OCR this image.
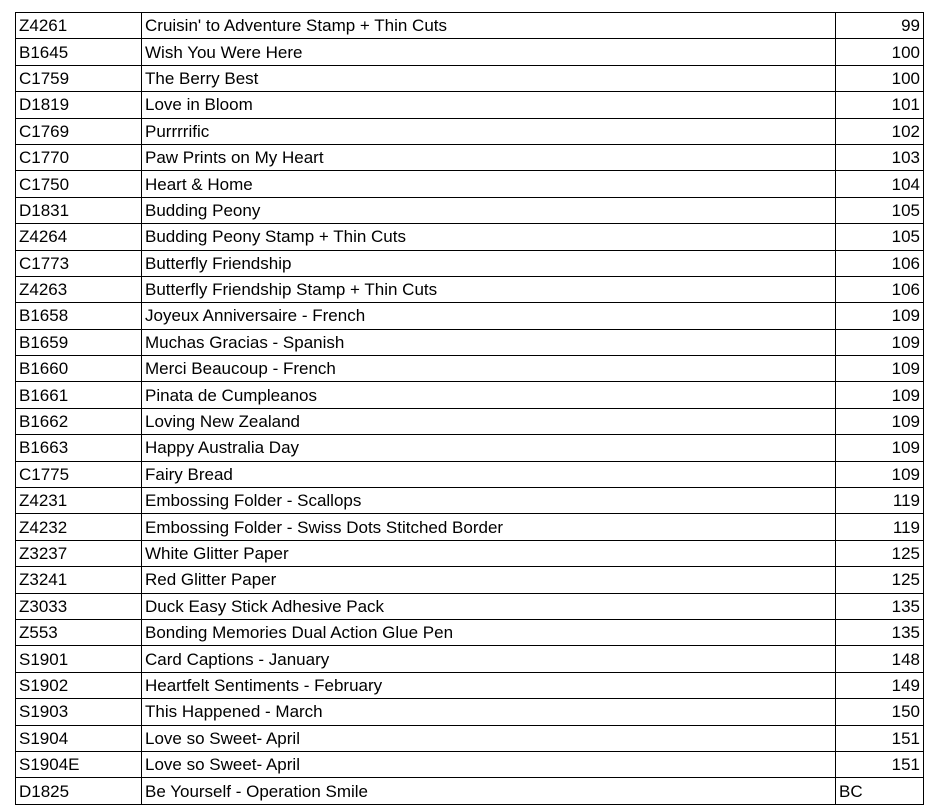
Z4261	Cruisin' to Adventure Stamp + Thin Cuts	99
B1645	Wish You Were Here	100
C1759	The Berry Best	100
D1819	Love in Bloom	101
C1769	Purrrrific	102
C1770	Paw Prints on My Heart	103
C1750	Heart & Home	104
D1831	Budding Peony	105
Z4264	Budding Peony Stamp + Thin Cuts	105
C1773	Butterfly Friendship	106
Z4263	Butterfly Friendship Stamp + Thin Cuts	106
B1658	Joyeux Anniversaire - French	109
B1659	Muchas Gracias - Spanish	109
B1660	Merci Beaucoup - French	109
B1661	Pinata de Cumpleanos	109
B1662	Loving New Zealand	109
B1663	Happy Australia Day	109
C1775	Fairy Bread	109
Z4231	Embossing Folder - Scallops	119
Z4232	Embossing Folder - Swiss Dots Stitched Border	119
Z3237	White Glitter Paper	125
Z3241	Red Glitter Paper	125
Z3033	Duck Easy Stick Adhesive Pack	135
Z553	Bonding Memories Dual Action Glue Pen	135
S1901	Card Captions - January	148
S1902	Heartfelt Sentiments - February	149
S1903	This Happened - March	150
S1904	Love so Sweet- April	151
S1904E	Love so Sweet- April	151
D1825	Be Yourself - Operation Smile	BC
